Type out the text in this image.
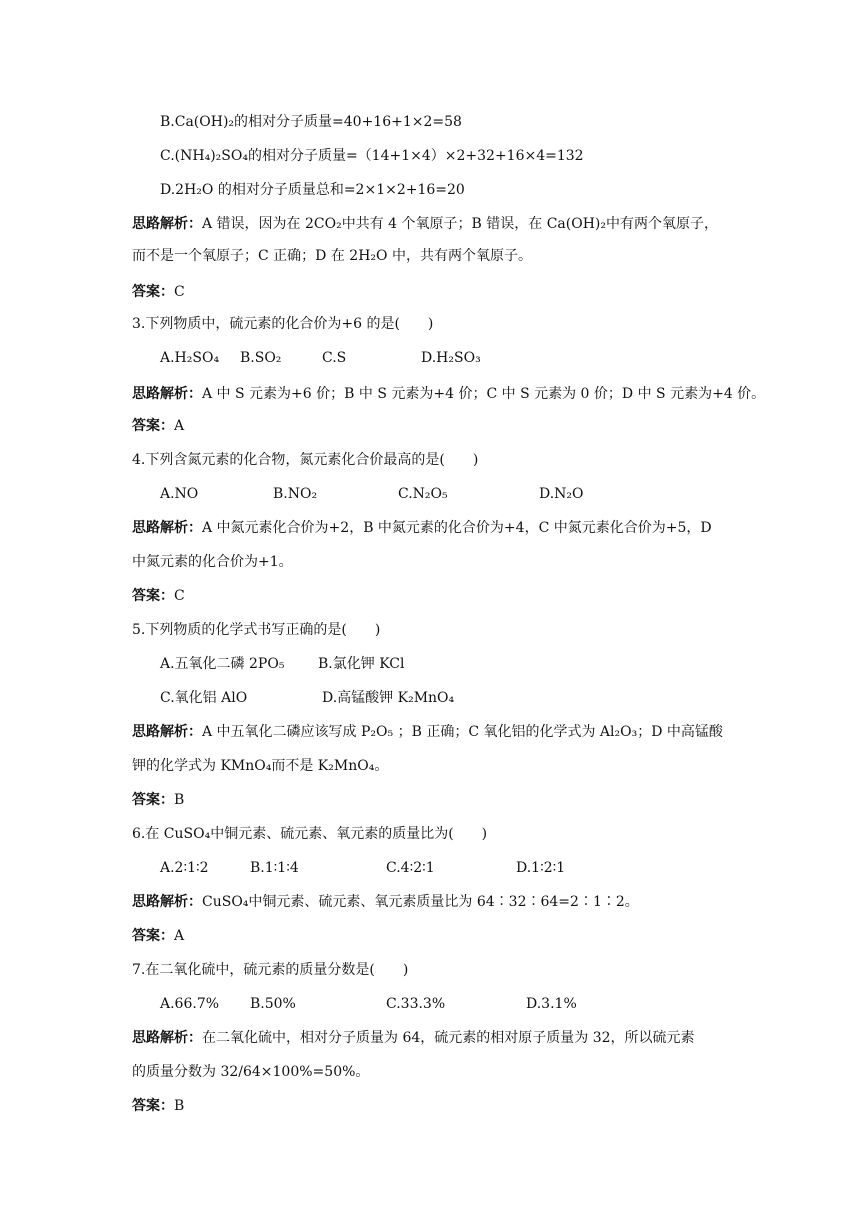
B.Ca(OH)₂的相对分子质量=40+16+1×2=58
C.(NH₄)₂SO₄的相对分子质量=（14+1×4）×2+32+16×4=132
D.2H₂O 的相对分子质量总和=2×1×2+16=20
思路解析：A 错误，因为在 2CO₂中共有 4 个氧原子；B 错误，在 Ca(OH)₂中有两个氧原子，
而不是一个氧原子；C 正确；D 在 2H₂O 中，共有两个氧原子。
答案：C
3.下列物质中，硫元素的化合价为+6 的是(　　)
A.H₂SO₄ B.SO₂	C.S	D.H₂SO₃
思路解析：A 中 S 元素为+6 价；B 中 S 元素为+4 价；C 中 S 元素为 0 价；D 中 S 元素为+4 价。
答案：A
4.下列含氮元素的化合物，氮元素化合价最高的是(　　)
A.NO	B.NO₂	C.N₂O₅	D.N₂O
思路解析：A 中氮元素化合价为+2，B 中氮元素的化合价为+4，C 中氮元素化合价为+5，D
中氮元素的化合价为+1。
答案：C
5.下列物质的化学式书写正确的是(　　)
A.五氧化二磷 2PO₅ B.氯化钾 KCl
C.氧化铝 AlO	D.高锰酸钾 K₂MnO₄
思路解析：A 中五氧化二磷应该写成 P₂O₅ ；B 正确；C 氧化铝的化学式为 Al₂O₃；D 中高锰酸
钾的化学式为 KMnO₄而不是 K₂MnO₄。
答案：B
6.在 CuSO₄中铜元素、硫元素、氧元素的质量比为(　　)
A.2∶1∶2	B.1∶1∶4	C.4∶2∶1	D.1∶2∶1
思路解析：CuSO₄中铜元素、硫元素、氧元素质量比为 64∶32∶64=2∶1∶2。
答案：A
7.在二氧化硫中，硫元素的质量分数是(　　)
A.66.7% B.50%	C.33.3%	D.3.1%
思路解析：在二氧化硫中，相对分子质量为 64，硫元素的相对原子质量为 32，所以硫元素
的质量分数为 32/64×100%=50%。
答案：B
